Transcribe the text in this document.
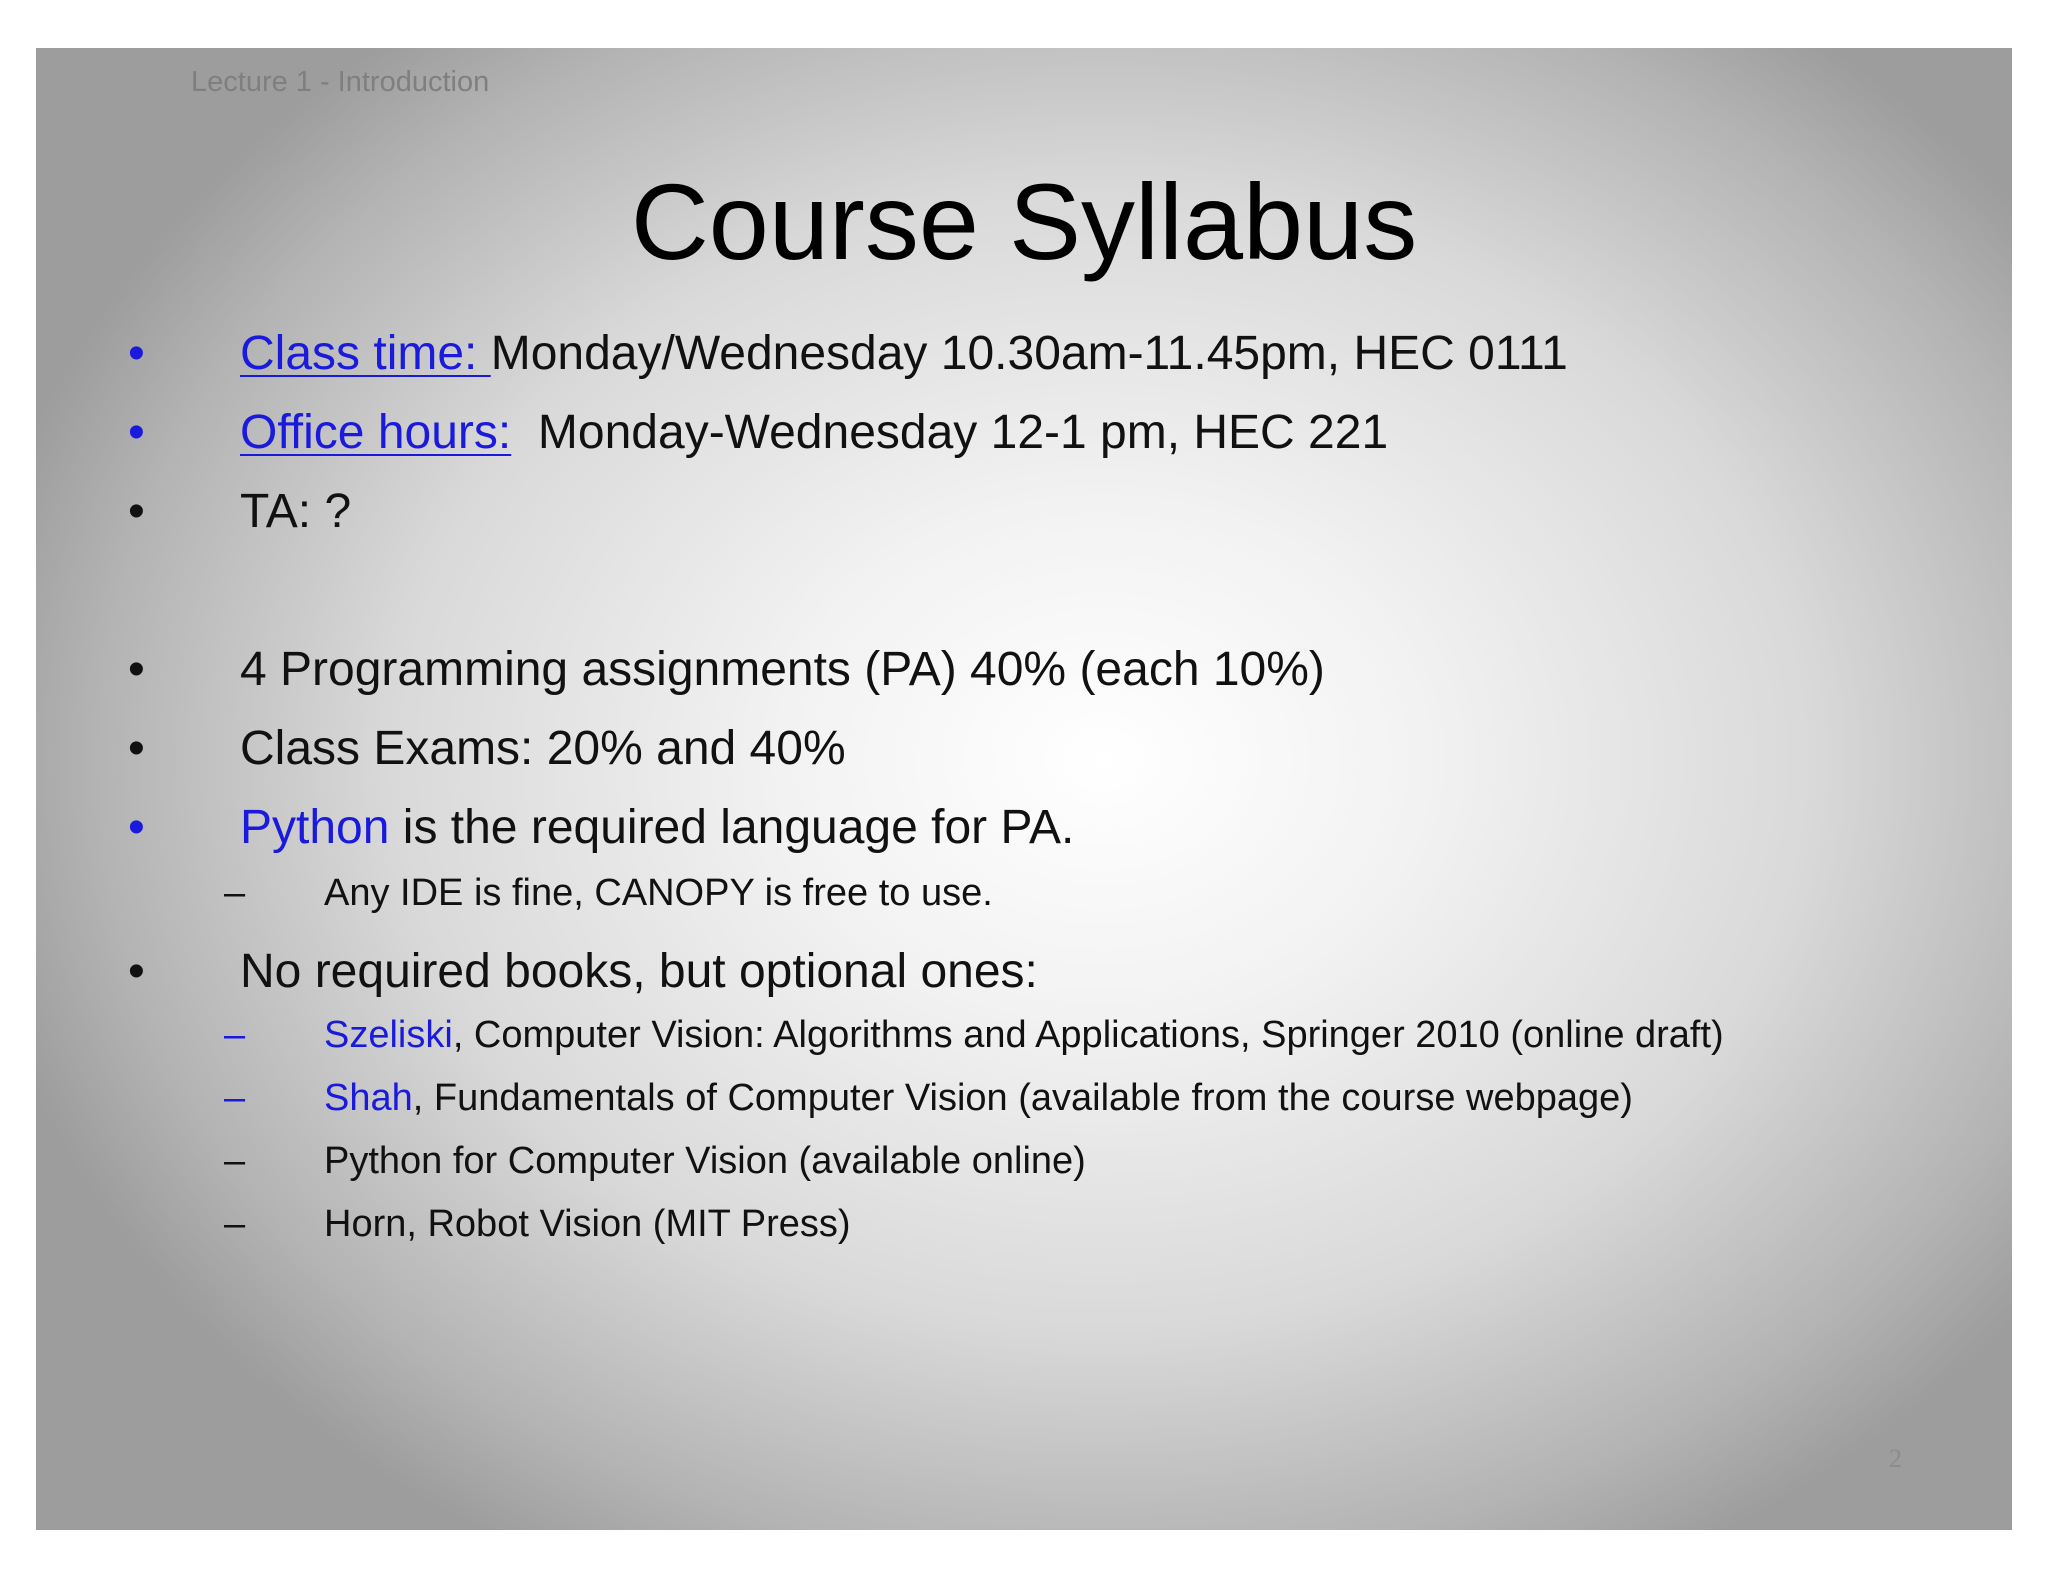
Lecture 1 - Introduction
Course Syllabus
•	Class time: Monday/Wednesday 10.30am-11.45pm, HEC 0111
•	Office hours:  Monday-Wednesday 12-1 pm, HEC 221
•	TA: ?
•	4 Programming assignments (PA) 40% (each 10%)
•	Class Exams: 20% and 40%
•	Python is the required language for PA.
– Any IDE is fine, CANOPY is free to use.
•	No required books, but optional ones:
– Szeliski, Computer Vision: Algorithms and Applications, Springer 2010 (online draft)
– Shah, Fundamentals of Computer Vision (available from the course webpage)
– Python for Computer Vision (available online)
– Horn, Robot Vision (MIT Press)
2
